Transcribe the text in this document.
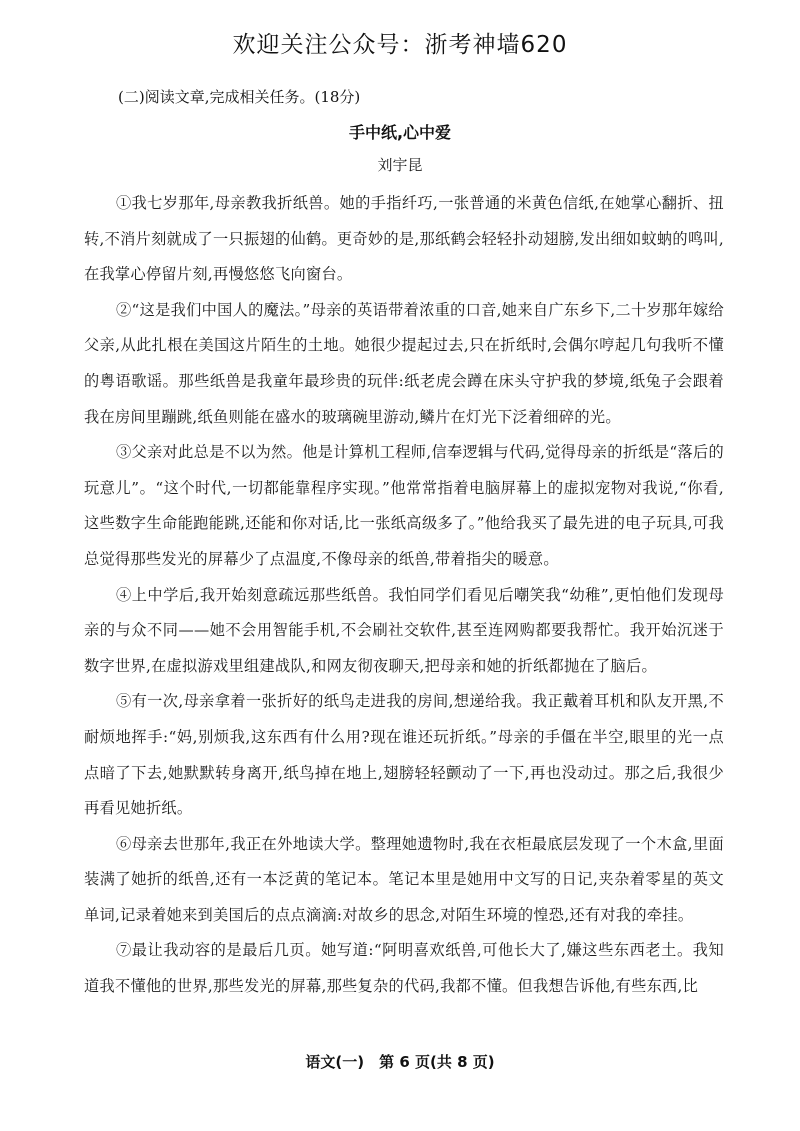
欢迎关注公众号：浙考神墙620
(二)阅读文章,完成相关任务。(18分)
手中纸,心中爱
刘宇昆

①我七岁那年,母亲教我折纸兽。她的手指纤巧,一张普通的米黄色信纸,在她掌心翻折、扭转,不消片刻就成了一只振翅的仙鹤。更奇妙的是,那纸鹤会轻轻扑动翅膀,发出细如蚊蚋的鸣叫,在我掌心停留片刻,再慢悠悠飞向窗台。

②“这是我们中国人的魔法。”母亲的英语带着浓重的口音,她来自广东乡下,二十岁那年嫁给父亲,从此扎根在美国这片陌生的土地。她很少提起过去,只在折纸时,会偶尔哼起几句我听不懂的粤语歌谣。那些纸兽是我童年最珍贵的玩伴:纸老虎会蹲在床头守护我的梦境,纸兔子会跟着我在房间里蹦跳,纸鱼则能在盛水的玻璃碗里游动,鳞片在灯光下泛着细碎的光。

③父亲对此总是不以为然。他是计算机工程师,信奉逻辑与代码,觉得母亲的折纸是“落后的玩意儿”。“这个时代,一切都能靠程序实现。”他常常指着电脑屏幕上的虚拟宠物对我说,“你看,这些数字生命能跑能跳,还能和你对话,比一张纸高级多了。”他给我买了最先进的电子玩具,可我总觉得那些发光的屏幕少了点温度,不像母亲的纸兽,带着指尖的暖意。

④上中学后,我开始刻意疏远那些纸兽。我怕同学们看见后嘲笑我“幼稚”,更怕他们发现母亲的与众不同——她不会用智能手机,不会刷社交软件,甚至连网购都要我帮忙。我开始沉迷于数字世界,在虚拟游戏里组建战队,和网友彻夜聊天,把母亲和她的折纸都抛在了脑后。

⑤有一次,母亲拿着一张折好的纸鸟走进我的房间,想递给我。我正戴着耳机和队友开黑,不耐烦地挥手:“妈,别烦我,这东西有什么用?现在谁还玩折纸。”母亲的手僵在半空,眼里的光一点点暗了下去,她默默转身离开,纸鸟掉在地上,翅膀轻轻颤动了一下,再也没动过。那之后,我很少再看见她折纸。

⑥母亲去世那年,我正在外地读大学。整理她遗物时,我在衣柜最底层发现了一个木盒,里面装满了她折的纸兽,还有一本泛黄的笔记本。笔记本里是她用中文写的日记,夹杂着零星的英文单词,记录着她来到美国后的点点滴滴:对故乡的思念,对陌生环境的惶恐,还有对我的牵挂。

⑦最让我动容的是最后几页。她写道:“阿明喜欢纸兽,可他长大了,嫌这些东西老土。我知道我不懂他的世界,那些发光的屏幕,那些复杂的代码,我都不懂。但我想告诉他,有些东西,比

语文(一)　第 6 页(共 8 页)
